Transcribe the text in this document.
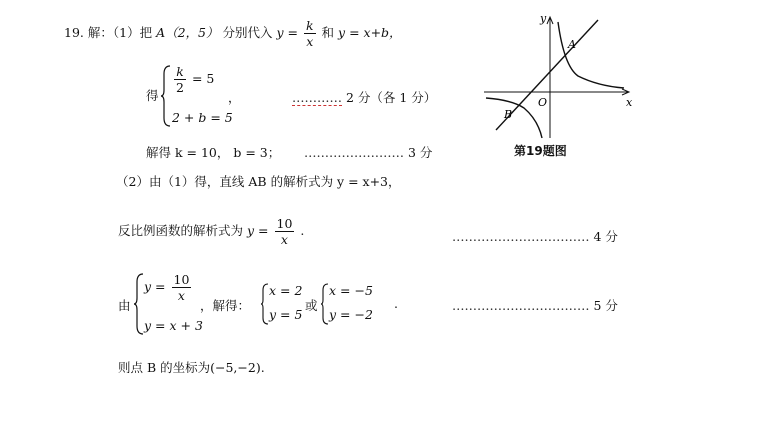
19. 解：（1）把 A（2，5） 分别代入 $y = \frac{k}{x}$ 和 y = x+b，
得
$\frac{k}{2} = 5$
2 + b = 5
，	………… 2 分（各 1 分）
解得 k = 10， b = 3； …………………… 3 分
（2）由（1）得，直线 AB 的解析式为 y = x+3，
反比例函数的解析式为 $y = \frac{10}{x}$ .	…………………………… 4 分
由
$y = \frac{10}{x}$
y = x + 3
，解得：
x = 2
y = 5
或
x = −5
y = −2
.	…………………………… 5 分
则点 B 的坐标为(−5,−2).
y
x
A
B
O
第19题图
